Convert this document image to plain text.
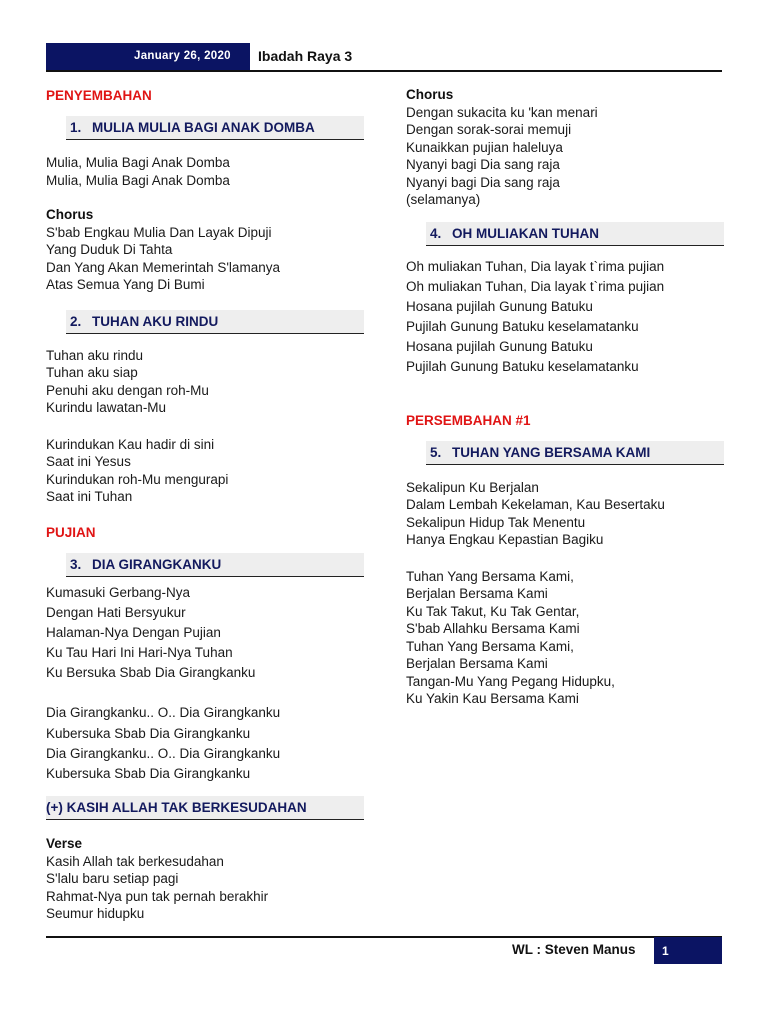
January 26, 2020 Ibadah Raya 3
PENYEMBAHAN
1. MULIA MULIA BAGI ANAK DOMBA
Mulia, Mulia Bagi Anak Domba
Mulia, Mulia Bagi Anak Domba
Chorus
S'bab Engkau Mulia Dan Layak Dipuji
Yang Duduk Di Tahta
Dan Yang Akan Memerintah S'lamanya
Atas Semua Yang Di Bumi
2. TUHAN AKU RINDU
Tuhan aku rindu
Tuhan aku siap
Penuhi aku dengan roh-Mu
Kurindu lawatan-Mu
Kurindukan Kau hadir di sini
Saat ini Yesus
Kurindukan roh-Mu mengurapi
Saat ini Tuhan
PUJIAN
3. DIA GIRANGKANKU
Kumasuki Gerbang-Nya
Dengan Hati Bersyukur
Halaman-Nya Dengan Pujian
Ku Tau Hari Ini Hari-Nya Tuhan
Ku Bersuka Sbab Dia Girangkanku
Dia Girangkanku.. O.. Dia Girangkanku
Kubersuka Sbab Dia Girangkanku
Dia Girangkanku.. O.. Dia Girangkanku
Kubersuka Sbab Dia Girangkanku
(+) KASIH ALLAH TAK BERKESUDAHAN
Verse
Kasih Allah tak berkesudahan
S'lalu baru setiap pagi
Rahmat-Nya pun tak pernah berakhir
Seumur hidupku
Chorus
Dengan sukacita ku 'kan menari
Dengan sorak-sorai memuji
Kunaikkan pujian haleluya
Nyanyi bagi Dia sang raja
Nyanyi bagi Dia sang raja
(selamanya)
4. OH MULIAKAN TUHAN
Oh muliakan Tuhan, Dia layak t`rima pujian
Oh muliakan Tuhan, Dia layak t`rima pujian
Hosana pujilah Gunung Batuku
Pujilah Gunung Batuku keselamatanku
Hosana pujilah Gunung Batuku
Pujilah Gunung Batuku keselamatanku
PERSEMBAHAN #1
5. TUHAN YANG BERSAMA KAMI
Sekalipun Ku Berjalan
Dalam Lembah Kekelaman, Kau Besertaku
Sekalipun Hidup Tak Menentu
Hanya Engkau Kepastian Bagiku
Tuhan Yang Bersama Kami,
Berjalan Bersama Kami
Ku Tak Takut, Ku Tak Gentar,
S'bab Allahku Bersama Kami
Tuhan Yang Bersama Kami,
Berjalan Bersama Kami
Tangan-Mu Yang Pegang Hidupku,
Ku Yakin Kau Bersama Kami
WL : Steven Manus 1
